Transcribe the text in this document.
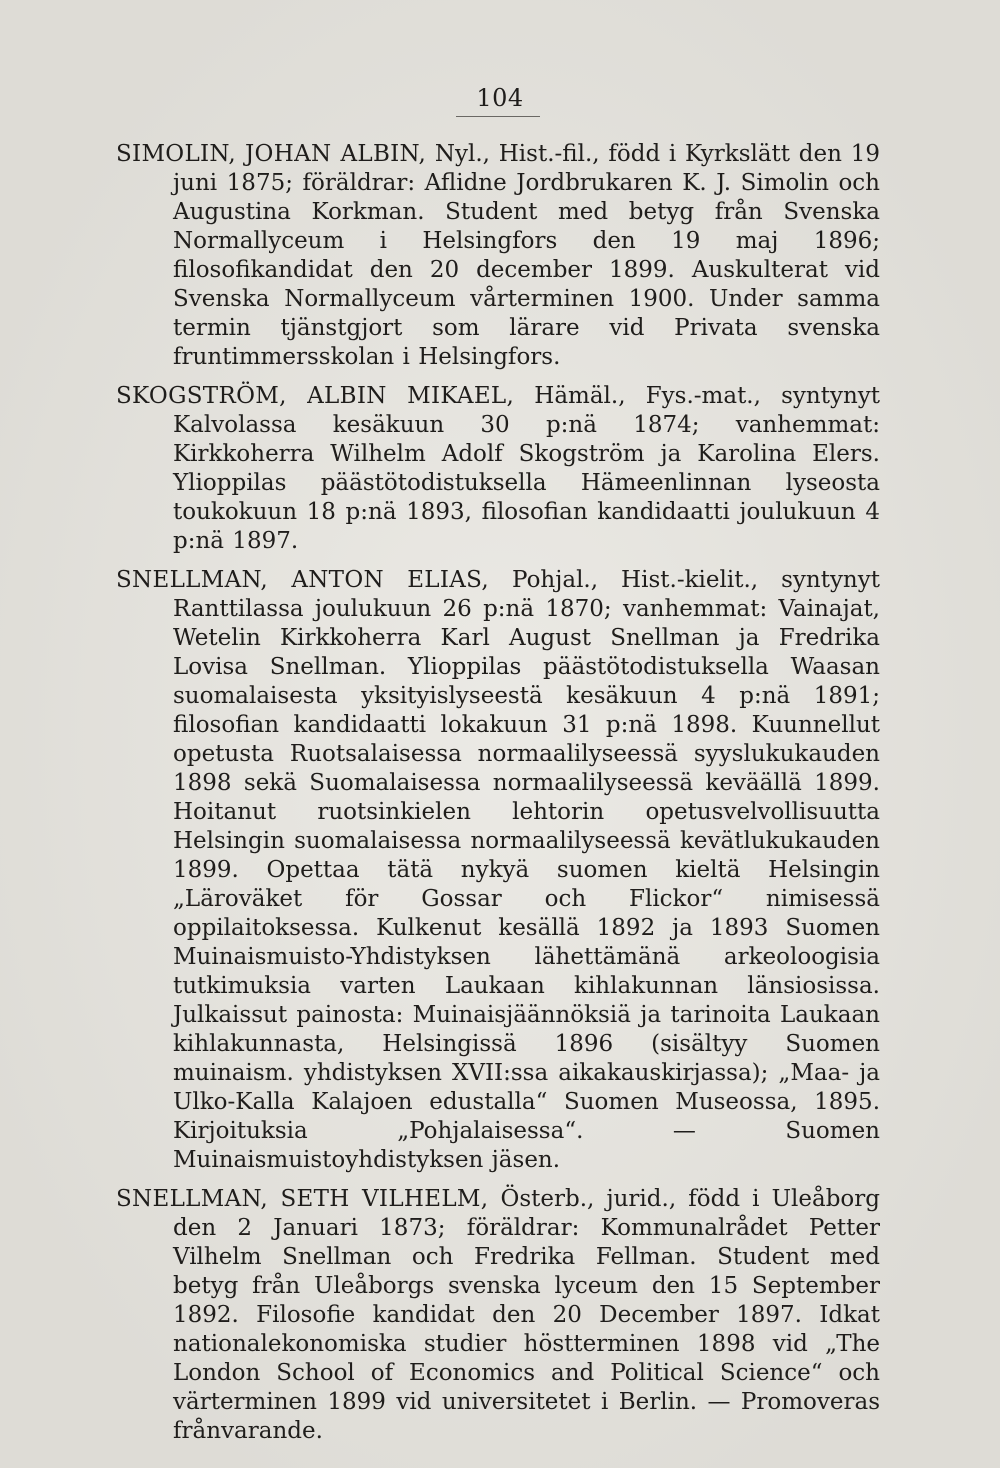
104

SIMOLIN, JOHAN ALBIN, Nyl., Hist.-fil., född i Kyrkslätt den 19 juni 1875; föräldrar: Aflidne Jordbrukaren K. J. Simolin och Augustina Korkman. Student med betyg från Svenska Normallyceum i Helsingfors den 19 maj 1896; filosofikandidat den 20 december 1899. Auskulterat vid Svenska Normallyceum vårterminen 1900. Under samma termin tjänstgjort som lärare vid Privata svenska fruntimmersskolan i Helsingfors.

SKOGSTRÖM, ALBIN MIKAEL, Hämäl., Fys.-mat., syntynyt Kalvolassa kesäkuun 30 p:nä 1874; vanhemmat: Kirkkoherra Wilhelm Adolf Skogström ja Karolina Elers. Ylioppilas päästötodistuksella Hämeenlinnan lyseosta toukokuun 18 p:nä 1893, filosofian kandidaatti joulukuun 4 p:nä 1897.

SNELLMAN, ANTON ELIAS, Pohjal., Hist.-kielit., syntynyt Ranttilassa joulukuun 26 p:nä 1870; vanhemmat: Vainajat, Wetelin Kirkkoherra Karl August Snellman ja Fredrika Lovisa Snellman. Ylioppilas päästötodistuksella Waasan suomalaisesta yksityislyseestä kesäkuun 4 p:nä 1891; filosofian kandidaatti lokakuun 31 p:nä 1898. Kuunnellut opetusta Ruotsalaisessa normaalilyseessä syyslukukauden 1898 sekä Suomalaisessa normaalilyseessä keväällä 1899. Hoitanut ruotsinkielen lehtorin opetusvelvollisuutta Helsingin suomalaisessa normaalilyseessä kevätlukukauden 1899. Opettaa tätä nykyä suomen kieltä Helsingin „Läroväket för Gossar och Flickor“ nimisessä oppilaitoksessa. Kulkenut kesällä 1892 ja 1893 Suomen Muinaismuisto-Yhdistyksen lähettämänä arkeoloogisia tutkimuksia varten Laukaan kihlakunnan länsiosissa. Julkaissut painosta: Muinaisjäännöksiä ja tarinoita Laukaan kihlakunnasta, Helsingissä 1896 (sisältyy Suomen muinaism. yhdistyksen XVII:ssa aikakauskirjassa); „Maa- ja Ulko-Kalla Kalajoen edustalla“ Suomen Museossa, 1895. Kirjoituksia „Pohjalaisessa“. — Suomen Muinaismuistoyhdistyksen jäsen.

SNELLMAN, SETH VILHELM, Österb., jurid., född i Uleåborg den 2 Januari 1873; föräldrar: Kommunalrådet Petter Vilhelm Snellman och Fredrika Fellman. Student med betyg från Uleåborgs svenska lyceum den 15 September 1892. Filosofie kandidat den 20 December 1897. Idkat nationalekonomiska studier höstterminen 1898 vid „The London School of Economics and Political Science“ och värterminen 1899 vid universitetet i Berlin. — Promoveras frånvarande.
